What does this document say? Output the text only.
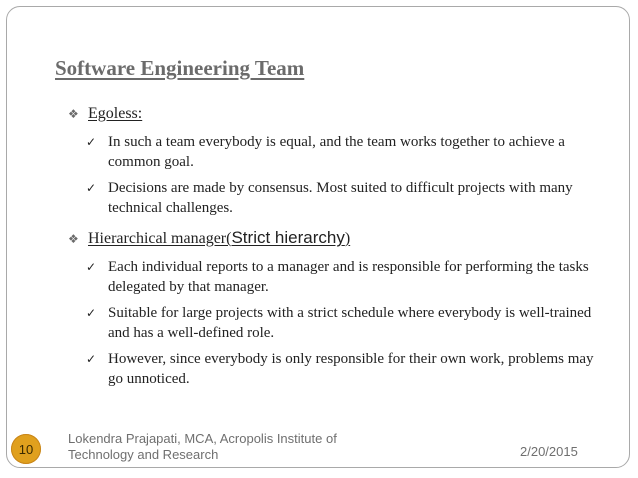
Software Engineering Team
❖ Egoless:
✓ In such a team everybody is equal, and the team works together to achieve a common goal.
✓ Decisions are made by consensus. Most suited to difficult projects with many technical challenges.
❖ Hierarchical manager(Strict hierarchy)
✓ Each individual reports to a manager and is responsible for performing the tasks delegated by that manager.
✓ Suitable for large projects with a strict schedule where everybody is well-trained and has a well-defined role.
✓ However, since everybody is only responsible for their own work, problems may go unnoticed.
10

Lokendra Prajapati, MCA, Acropolis Institute of Technology and Research	2/20/2015
